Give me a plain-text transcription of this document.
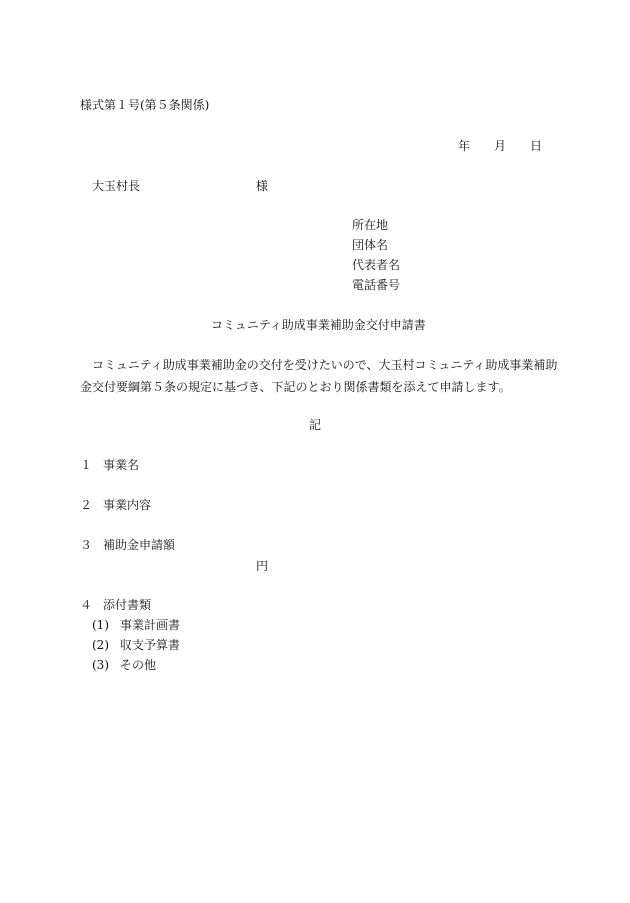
様式第１号(第５条関係)
年 月 日
大玉村長	様
所在地
団体名
代表者名
電話番号
コミュニティ助成事業補助金交付申請書
コミュニティ助成事業補助金の交付を受けたいので、大玉村コミュニティ助成事業補助
金交付要綱第５条の規定に基づき、下記のとおり関係書類を添えて申請します。
記
１ 事業名
２ 事業内容
３ 補助金申請額
円
４ 添付書類
(1) 事業計画書
(2) 収支予算書
(3) その他
